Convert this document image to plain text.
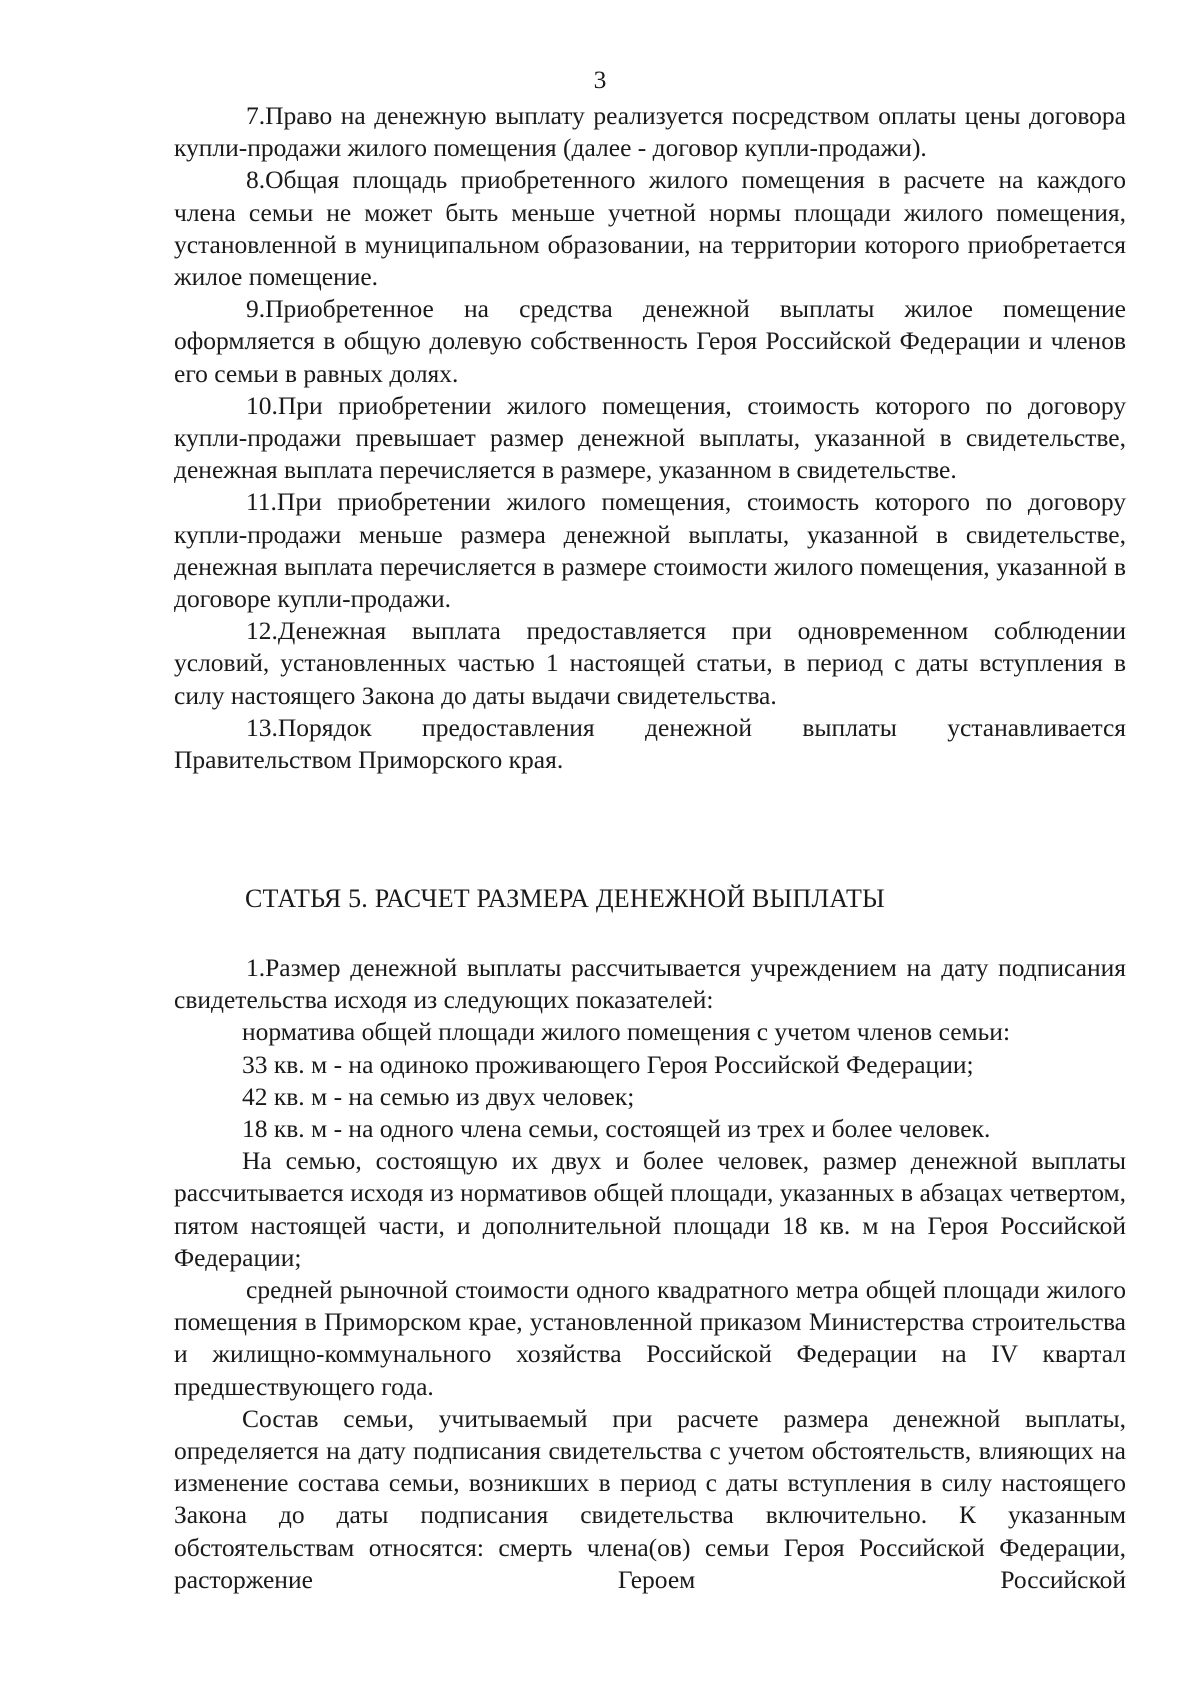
3

7.Право на денежную выплату реализуется посредством оплаты цены договора купли-продажи жилого помещения (далее - договор купли-продажи).

8.Общая площадь приобретенного жилого помещения в расчете на каждого члена семьи не может быть меньше учетной нормы площади жилого помещения, установленной в муниципальном образовании, на территории которого приобретается жилое помещение.

9.Приобретенное на средства денежной выплаты жилое помещение оформляется в общую долевую собственность Героя Российской Федерации и членов его семьи в равных долях.

10.При приобретении жилого помещения, стоимость которого по договору купли-продажи превышает размер денежной выплаты, указанной в свидетельстве, денежная выплата перечисляется в размере, указанном в свидетельстве.

11.При приобретении жилого помещения, стоимость которого по договору купли-продажи меньше размера денежной выплаты, указанной в свидетельстве, денежная выплата перечисляется в размере стоимости жилого помещения, указанной в договоре купли-продажи.

12.Денежная выплата предоставляется при одновременном соблюдении условий, установленных частью 1 настоящей статьи, в период с даты вступления в силу настоящего Закона до даты выдачи свидетельства.

13.Порядок предоставления денежной выплаты устанавливается Правительством Приморского края.

СТАТЬЯ 5. РАСЧЕТ РАЗМЕРА ДЕНЕЖНОЙ ВЫПЛАТЫ

1.Размер денежной выплаты рассчитывается учреждением на дату подписания свидетельства исходя из следующих показателей:

норматива общей площади жилого помещения с учетом членов семьи:

33 кв. м - на одиноко проживающего Героя Российской Федерации;

42 кв. м - на семью из двух человек;

18 кв. м - на одного члена семьи, состоящей из трех и более человек.

На семью, состоящую их двух и более человек, размер денежной выплаты рассчитывается исходя из нормативов общей площади, указанных в абзацах четвертом, пятом настоящей части, и дополнительной площади 18 кв. м на Героя Российской Федерации;

средней рыночной стоимости одного квадратного метра общей площади жилого помещения в Приморском крае, установленной приказом Министерства строительства и жилищно-коммунального хозяйства Российской Федерации на IV квартал предшествующего года.

Состав семьи, учитываемый при расчете размера денежной выплаты, определяется на дату подписания свидетельства с учетом обстоятельств, влияющих на изменение состава семьи, возникших в период с даты вступления в силу настоящего Закона до даты подписания свидетельства включительно. К указанным обстоятельствам относятся: смерть члена(ов) семьи Героя Российской Федерации, расторжение Героем Российской
